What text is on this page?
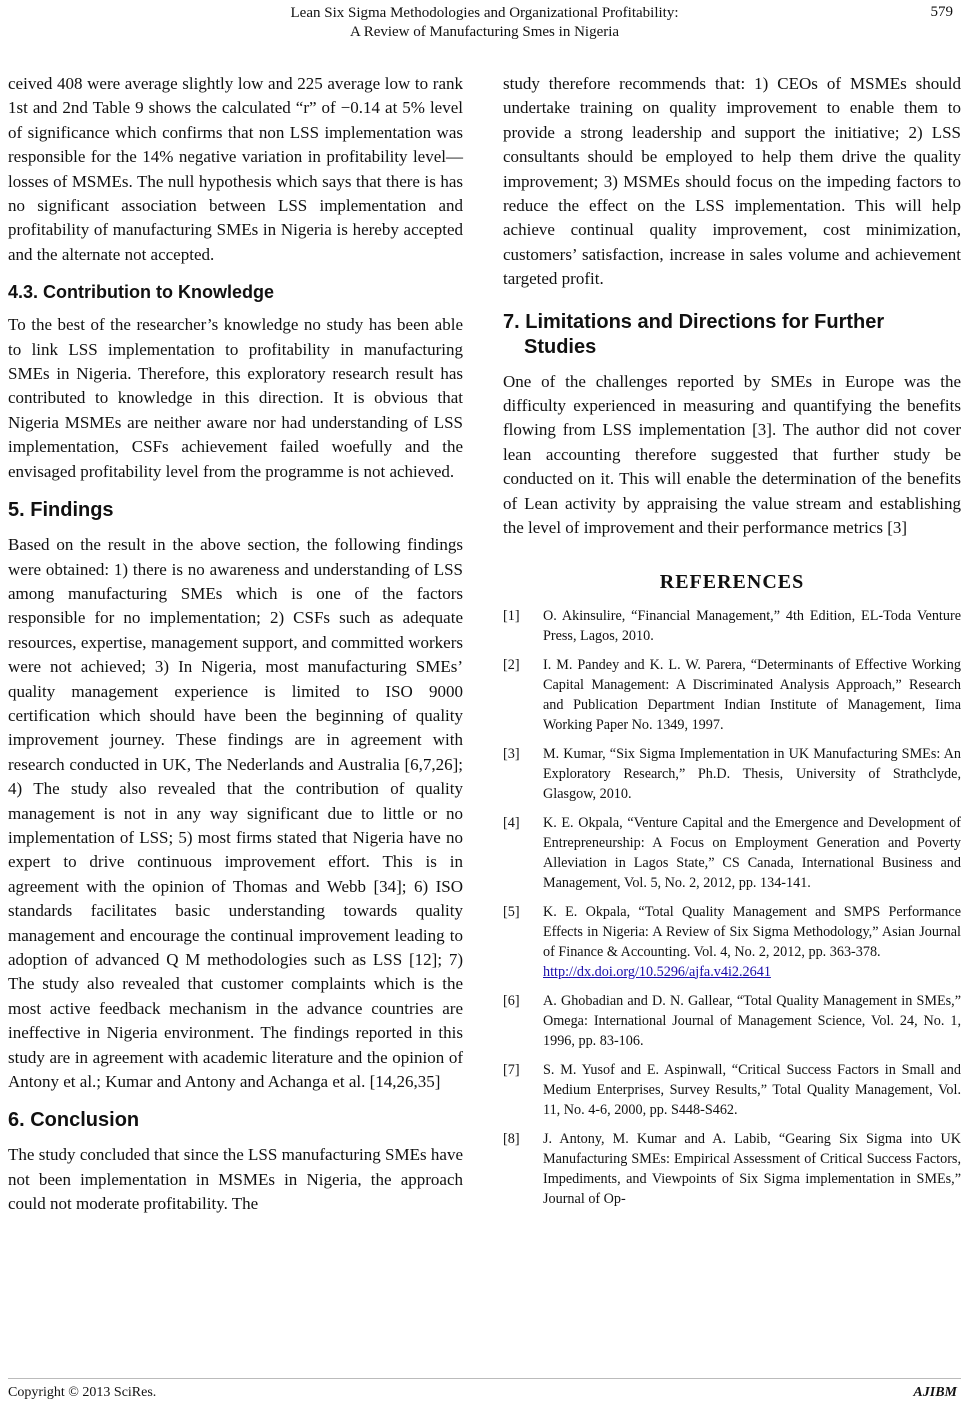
Lean Six Sigma Methodologies and Organizational Profitability:
A Review of Manufacturing Smes in Nigeria
579

ceived 408 were average slightly low and 225 average low to rank 1st and 2nd Table 9 shows the calculated “r” of −0.14 at 5% level of significance which confirms that non LSS implementation was responsible for the 14% negative variation in profitability level—losses of MSMEs. The null hypothesis which says that there is has no significant association between LSS implementation and profitability of manufacturing SMEs in Nigeria is hereby accepted and the alternate not accepted.

4.3. Contribution to Knowledge

To the best of the researcher’s knowledge no study has been able to link LSS implementation to profitability in manufacturing SMEs in Nigeria. Therefore, this exploratory research result has contributed to knowledge in this direction. It is obvious that Nigeria MSMEs are neither aware nor had understanding of LSS implementation, CSFs achievement failed woefully and the envisaged profitability level from the programme is not achieved.

5. Findings

Based on the result in the above section, the following findings were obtained: 1) there is no awareness and understanding of LSS among manufacturing SMEs which is one of the factors responsible for no implementation; 2) CSFs such as adequate resources, expertise, management support, and committed workers were not achieved; 3) In Nigeria, most manufacturing SMEs’ quality management experience is limited to ISO 9000 certification which should have been the beginning of quality improvement journey. These findings are in agreement with research conducted in UK, The Nederlands and Australia [6,7,26]; 4) The study also revealed that the contribution of quality management is not in any way significant due to little or no implementation of LSS; 5) most firms stated that Nigeria have no expert to drive continuous improvement effort. This is in agreement with the opinion of Thomas and Webb [34]; 6) ISO standards facilitates basic understanding towards quality management and encourage the continual improvement leading to adoption of advanced Q M methodologies such as LSS [12]; 7) The study also revealed that customer complaints which is the most active feedback mechanism in the advance countries are ineffective in Nigeria environment. The findings reported in this study are in agreement with academic literature and the opinion of Antony et al.; Kumar and Antony and Achanga et al. [14,26,35]

6. Conclusion

The study concluded that since the LSS manufacturing SMEs have not been implementation in MSMEs in Nigeria, the approach could not moderate profitability. The

study therefore recommends that: 1) CEOs of MSMEs should undertake training on quality improvement to enable them to provide a strong leadership and support the initiative; 2) LSS consultants should be employed to help them drive the quality improvement; 3) MSMEs should focus on the impeding factors to reduce the effect on the LSS implementation. This will help achieve continual quality improvement, cost minimization, customers’ satisfaction, increase in sales volume and achievement targeted profit.

7. Limitations and Directions for Further Studies

One of the challenges reported by SMEs in Europe was the difficulty experienced in measuring and quantifying the benefits flowing from LSS implementation [3]. The author did not cover lean accounting therefore suggested that further study be conducted on it. This will enable the determination of the benefits of Lean activity by appraising the value stream and establishing the level of improvement and their performance metrics [3]

REFERENCES
[1]	O. Akinsulire, “Financial Management,” 4th Edition, EL-Toda Venture Press, Lagos, 2010.
[2]	I. M. Pandey and K. L. W. Parera, “Determinants of Effective Working Capital Management: A Discriminated Analysis Approach,” Research and Publication Department Indian Institute of Management, Iima Working Paper No. 1349, 1997.
[3]	M. Kumar, “Six Sigma Implementation in UK Manufacturing SMEs: An Exploratory Research,” Ph.D. Thesis, University of Strathclyde, Glasgow, 2010.
[4]	K. E. Okpala, “Venture Capital and the Emergence and Development of Entrepreneurship: A Focus on Employment Generation and Poverty Alleviation in Lagos State,” CS Canada, International Business and Management, Vol. 5, No. 2, 2012, pp. 134-141.
[5]	K. E. Okpala, “Total Quality Management and SMPS Performance Effects in Nigeria: A Review of Six Sigma Methodology,” Asian Journal of Finance & Accounting. Vol. 4, No. 2, 2012, pp. 363-378.
http://dx.doi.org/10.5296/ajfa.v4i2.2641
[6]	A. Ghobadian and D. N. Gallear, “Total Quality Management in SMEs,” Omega: International Journal of Management Science, Vol. 24, No. 1, 1996, pp. 83-106.
[7]	S. M. Yusof and E. Aspinwall, “Critical Success Factors in Small and Medium Enterprises, Survey Results,” Total Quality Management, Vol. 11, No. 4-6, 2000, pp. S448-S462.
[8]	J. Antony, M. Kumar and A. Labib, “Gearing Six Sigma into UK Manufacturing SMEs: Empirical Assessment of Critical Success Factors, Impediments, and Viewpoints of Six Sigma implementation in SMEs,” Journal of Op-
Copyright © 2013 SciRes.	AJIBM
